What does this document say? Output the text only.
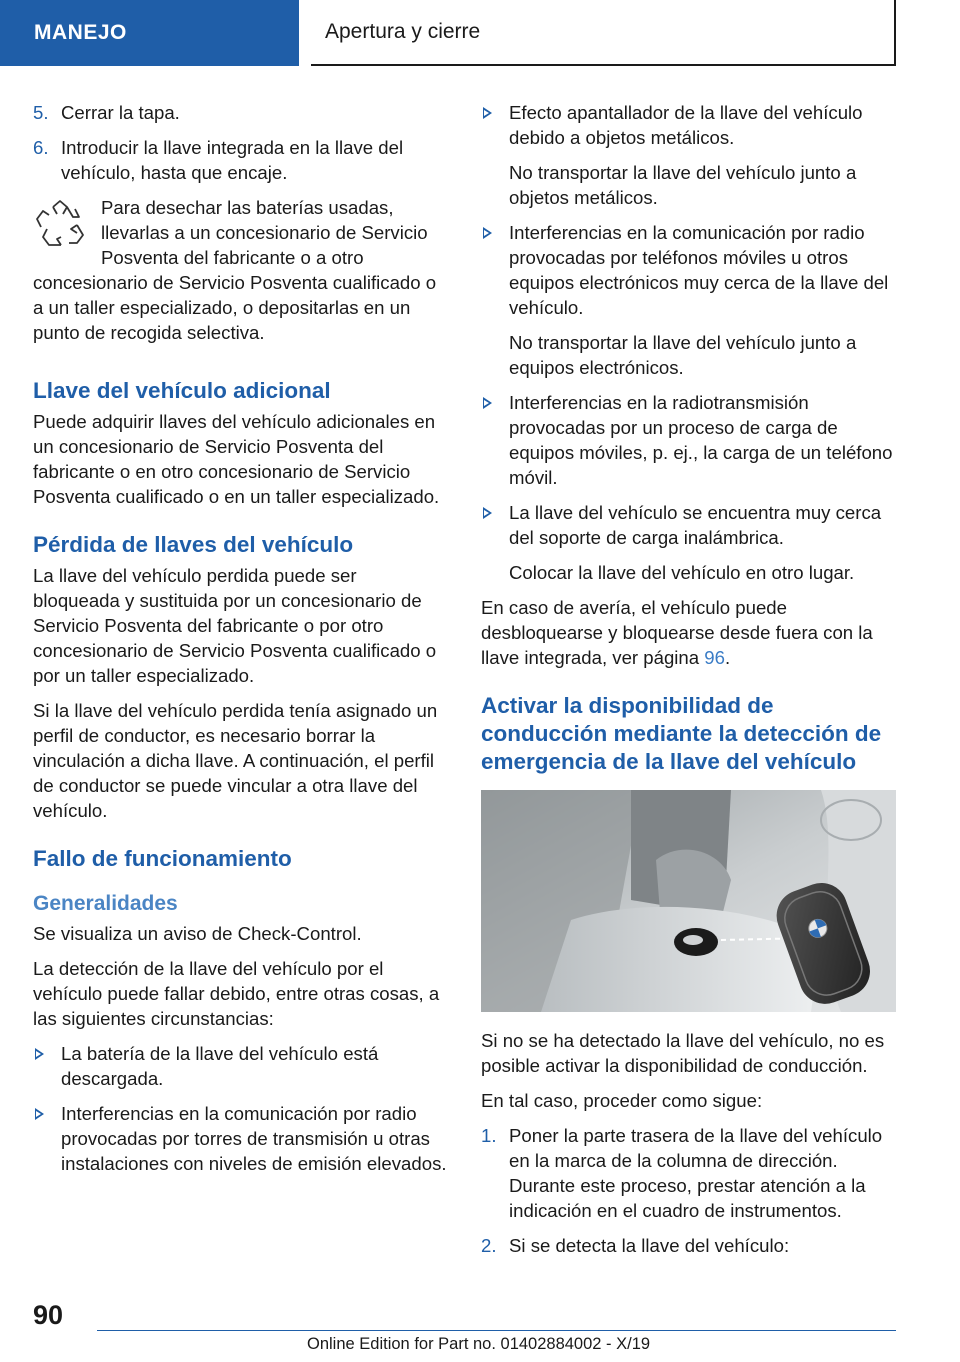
MANEJO	Apertura y cierre
5. Cerrar la tapa.
6. Introducir la llave integrada en la llave del vehículo, hasta que encaje.

Para desechar las baterías usadas, llevarlas a un concesionario de Servicio Posventa del fabricante o a otro concesionario de Servicio Posventa cualificado o a un taller especializado, o depositarlas en un punto de recogida selectiva.

Llave del vehículo adicional

Puede adquirir llaves del vehículo adicionales en un concesionario de Servicio Posventa del fabricante o en otro concesionario de Servicio Posventa cualificado o en un taller especializado.

Pérdida de llaves del vehículo

La llave del vehículo perdida puede ser bloqueada y sustituida por un concesionario de Servicio Posventa del fabricante o por otro concesionario de Servicio Posventa cualificado o por un taller especializado.

Si la llave del vehículo perdida tenía asignado un perfil de conductor, es necesario borrar la vinculación a dicha llave. A continuación, el perfil de conductor se puede vincular a otra llave del vehículo.

Fallo de funcionamiento
Generalidades

Se visualiza un aviso de Check-Control.

La detección de la llave del vehículo por el vehículo puede fallar debido, entre otras cosas, a las siguientes circunstancias:

La batería de la llave del vehículo está descargada.
Interferencias en la comunicación por radio provocadas por torres de transmisión u otras instalaciones con niveles de emisión elevados.
Efecto apantallador de la llave del vehículo debido a objetos metálicos.
No transportar la llave del vehículo junto a objetos metálicos.
Interferencias en la comunicación por radio provocadas por teléfonos móviles u otros equipos electrónicos muy cerca de la llave del vehículo.
No transportar la llave del vehículo junto a equipos electrónicos.
Interferencias en la radiotransmisión provocadas por un proceso de carga de equipos móviles, p. ej., la carga de un teléfono móvil.
La llave del vehículo se encuentra muy cerca del soporte de carga inalámbrica.
Colocar la llave del vehículo en otro lugar.

En caso de avería, el vehículo puede desbloquearse y bloquearse desde fuera con la llave integrada, ver página 96.

Activar la disponibilidad de conducción mediante la detección de emergencia de la llave del vehículo

Si no se ha detectado la llave del vehículo, no es posible activar la disponibilidad de conducción.

En tal caso, proceder como sigue:

1. Poner la parte trasera de la llave del vehículo en la marca de la columna de dirección. Durante este proceso, prestar atención a la indicación en el cuadro de instrumentos.
2. Si se detecta la llave del vehículo:
90
Online Edition for Part no. 01402884002 - X/19
